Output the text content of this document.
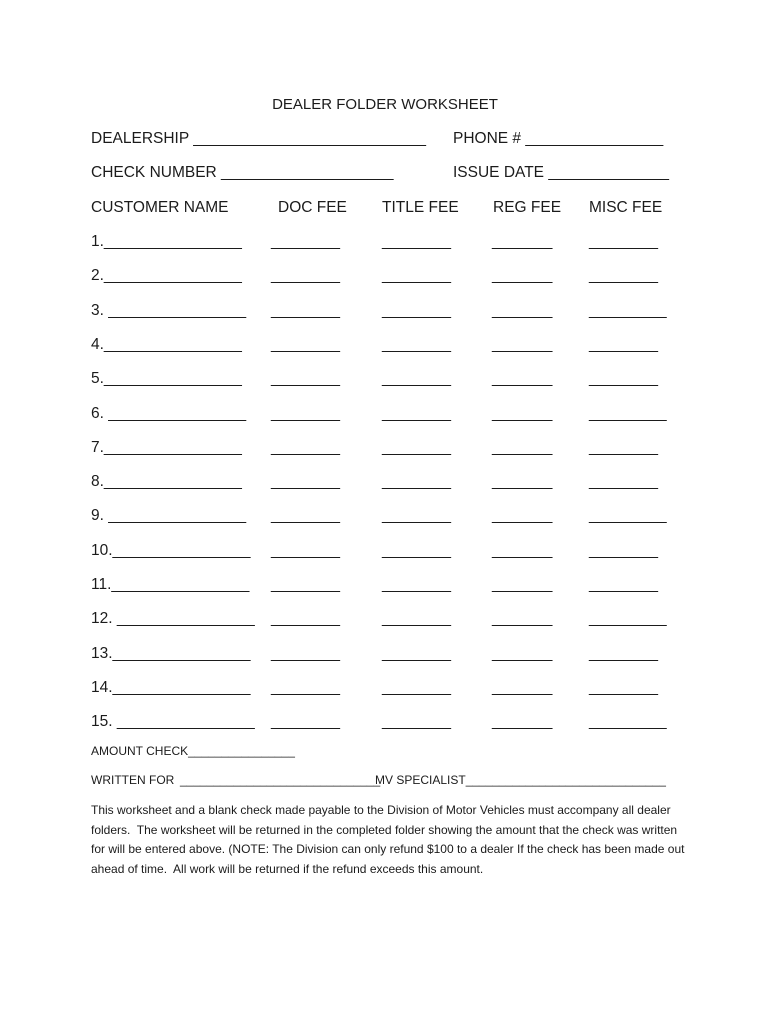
DEALER FOLDER WORKSHEET
DEALERSHIP ___________________________ PHONE # ________________
CHECK NUMBER ____________________	ISSUE DATE ______________
CUSTOMER NAME	DOC FEE TITLE FEE REG FEE MISC FEE
1.________________ ________	________	_______ ________
2.________________ ________	________	_______ ________
3. ________________ ________	________	_______ _________
4.________________ ________	________	_______ ________
5.________________ ________	________	_______ ________
6. ________________ ________	________	_______ _________
7.________________ ________	________	_______ ________
8.________________ ________	________	_______ ________
9. ________________ ________	________	_______ _________
10.________________ ________	________	_______ ________
11.________________ ________	________	_______ ________
12. ________________ ________	________	_______ _________
13.________________ ________	________	_______ ________
14.________________ ________	________	_______ ________
15. ________________ ________	________	_______ _________
AMOUNT CHECK________________
WRITTEN FOR ______________________________
MV SPECIALIST______________________________
This worksheet and a blank check made payable to the Division of Motor Vehicles must accompany all dealer
folders.  The worksheet will be returned in the completed folder showing the amount that the check was written
for will be entered above. (NOTE: The Division can only refund $100 to a dealer If the check has been made out
ahead of time.  All work will be returned if the refund exceeds this amount.
